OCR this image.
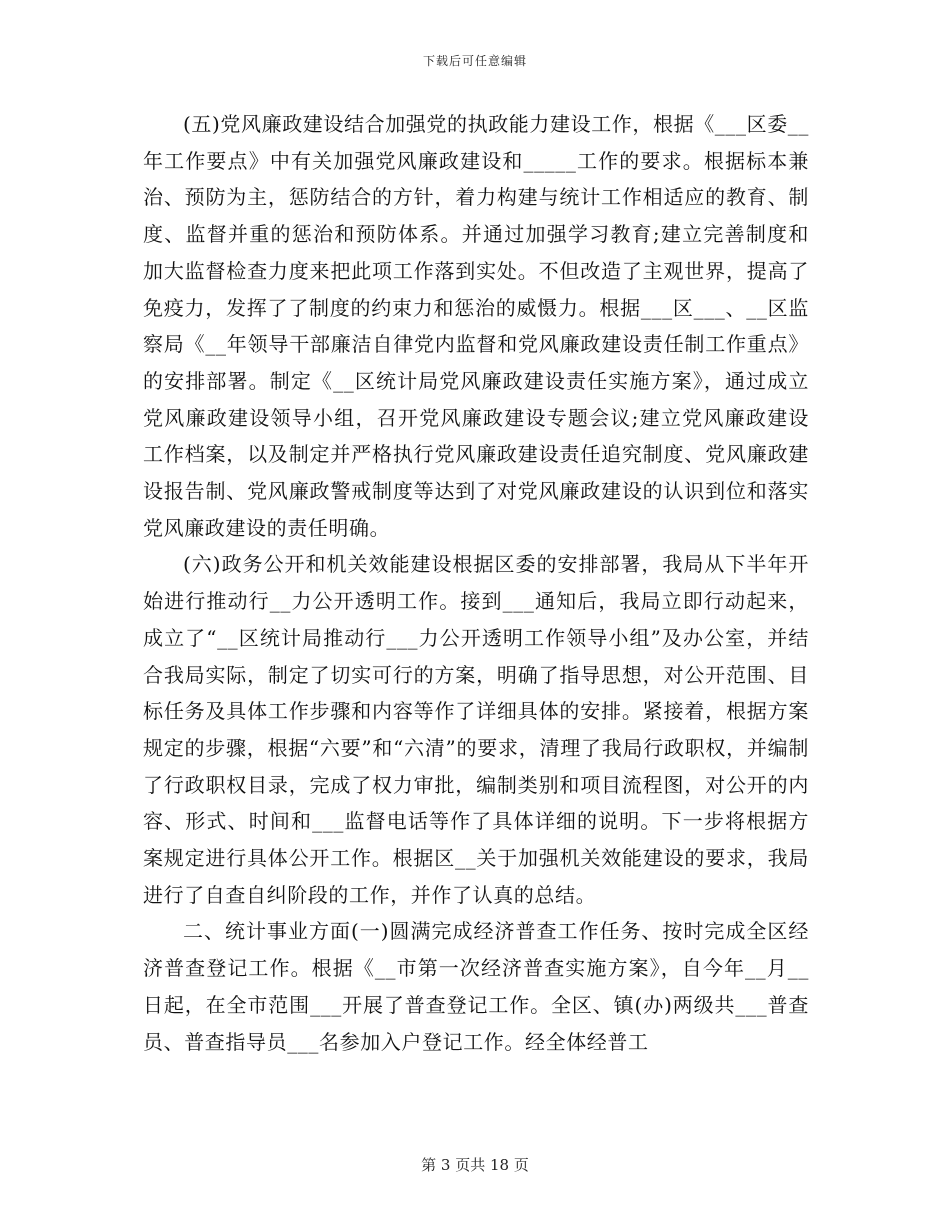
下载后可任意编辑

(五)党风廉政建设结合加强党的执政能力建设工作，根据《___区委__年工作要点》中有关加强党风廉政建设和_____工作的要求。根据标本兼治、预防为主，惩防结合的方针，着力构建与统计工作相适应的教育、制度、监督并重的惩治和预防体系。并通过加强学习教育;建立完善制度和加大监督检查力度来把此项工作落到实处。不但改造了主观世界，提高了免疫力，发挥了了制度的约束力和惩治的威慑力。根据___区___、__区监察局《__年领导干部廉洁自律党内监督和党风廉政建设责任制工作重点》的安排部署。制定《__区统计局党风廉政建设责任实施方案》，通过成立党风廉政建设领导小组，召开党风廉政建设专题会议;建立党风廉政建设工作档案，以及制定并严格执行党风廉政建设责任追究制度、党风廉政建设报告制、党风廉政警戒制度等达到了对党风廉政建设的认识到位和落实党风廉政建设的责任明确。

(六)政务公开和机关效能建设根据区委的安排部署，我局从下半年开始进行推动行__力公开透明工作。接到___通知后，我局立即行动起来，成立了“__区统计局推动行___力公开透明工作领导小组”及办公室，并结合我局实际，制定了切实可行的方案，明确了指导思想，对公开范围、目标任务及具体工作步骤和内容等作了详细具体的安排。紧接着，根据方案规定的步骤，根据“六要”和“六清”的要求，清理了我局行政职权，并编制了行政职权目录，完成了权力审批，编制类别和项目流程图，对公开的内容、形式、时间和___监督电话等作了具体详细的说明。下一步将根据方案规定进行具体公开工作。根据区__关于加强机关效能建设的要求，我局进行了自查自纠阶段的工作，并作了认真的总结。

二、统计事业方面(一)圆满完成经济普查工作任务、按时完成全区经济普查登记工作。根据《__市第一次经济普查实施方案》，自今年__月__日起，在全市范围___开展了普查登记工作。全区、镇(办)两级共___普查员、普查指导员___名参加入户登记工作。经全体经普工

第 3 页共 18 页
